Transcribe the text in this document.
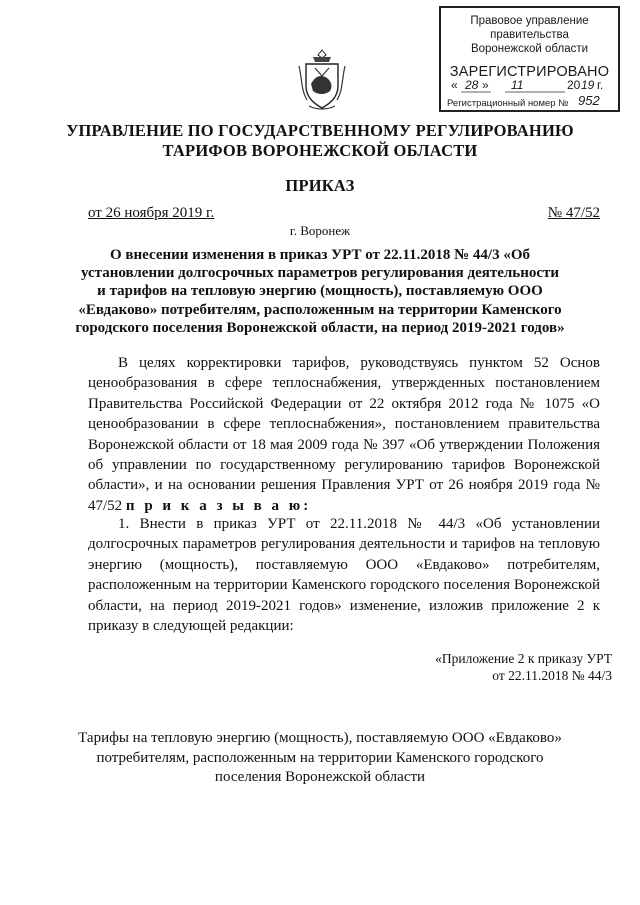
Правовое управление правительства
Воронежской области
ЗАРЕГИСТРИРОВАНО
« 28 » 11	20 19 г.
Регистрационный номер № 952
УПРАВЛЕНИЕ ПО ГОСУДАРСТВЕННОМУ РЕГУЛИРОВАНИЮ
ТАРИФОВ ВОРОНЕЖСКОЙ ОБЛАСТИ
ПРИКАЗ
от 26 ноября 2019 г.	№ 47/52
г. Воронеж
О внесении изменения в приказ УРТ от 22.11.2018 № 44/3 «Об
установлении долгосрочных параметров регулирования деятельности
и тарифов на тепловую энергию (мощность), поставляемую ООО
«Евдаково» потребителям, расположенным на территории Каменского
городского поселения Воронежской области, на период 2019-2021 годов»
В целях корректировки тарифов, руководствуясь пунктом 52 Основ ценообразования в сфере теплоснабжения, утвержденных постановлением Правительства Российской Федерации от 22 октября 2012 года № 1075 «О ценообразовании в сфере теплоснабжения», постановлением правительства Воронежской области от 18 мая 2009 года № 397 «Об утверждении Положения об управлении по государственному регулированию тарифов Воронежской области», и на основании решения Правления УРТ от 26 ноября 2019 года № 47/52 п р и к а з ы в а ю:
1. Внести в приказ УРТ от 22.11.2018 № 44/3 «Об установлении долгосрочных параметров регулирования деятельности и тарифов на тепловую энергию (мощность), поставляемую ООО «Евдаково» потребителям, расположенным на территории Каменского городского поселения Воронежской области, на период 2019-2021 годов» изменение, изложив приложение 2 к приказу в следующей редакции:
«Приложение 2 к приказу УРТ
от 22.11.2018 № 44/3
Тарифы на тепловую энергию (мощность), поставляемую ООО «Евдаково»
потребителям, расположенным на территории Каменского городского
поселения Воронежской области
